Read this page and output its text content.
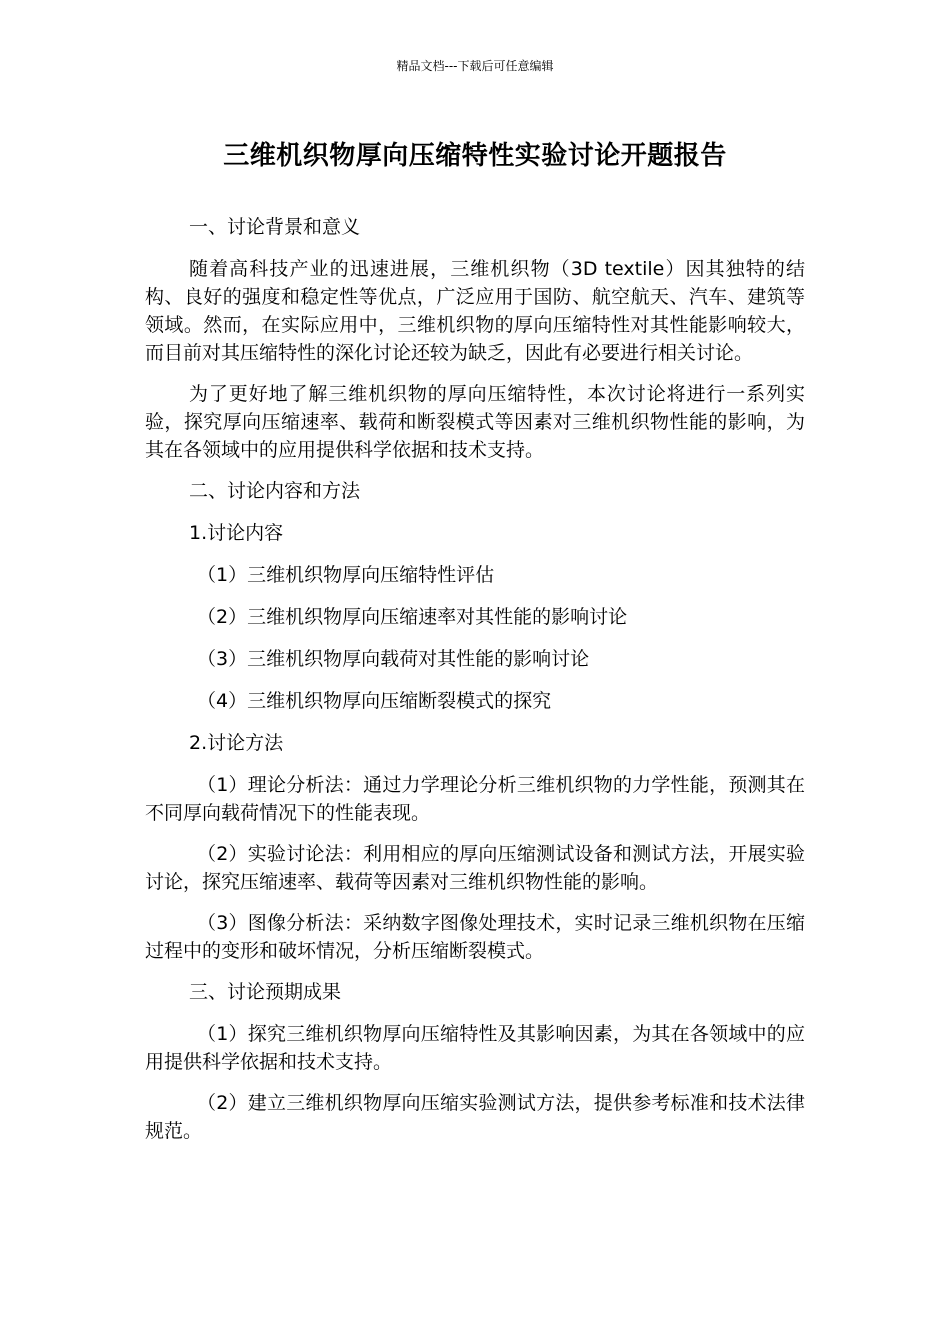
精品文档---下载后可任意编辑
三维机织物厚向压缩特性实验讨论开题报告

一、讨论背景和意义

随着高科技产业的迅速进展，三维机织物（3D textile）因其独特的结构、良好的强度和稳定性等优点，广泛应用于国防、航空航天、汽车、建筑等领域。然而，在实际应用中，三维机织物的厚向压缩特性对其性能影响较大，而目前对其压缩特性的深化讨论还较为缺乏，因此有必要进行相关讨论。

为了更好地了解三维机织物的厚向压缩特性，本次讨论将进行一系列实验，探究厚向压缩速率、载荷和断裂模式等因素对三维机织物性能的影响，为其在各领域中的应用提供科学依据和技术支持。

二、讨论内容和方法

1.讨论内容

（1）三维机织物厚向压缩特性评估

（2）三维机织物厚向压缩速率对其性能的影响讨论

（3）三维机织物厚向载荷对其性能的影响讨论

（4）三维机织物厚向压缩断裂模式的探究

2.讨论方法

（1）理论分析法：通过力学理论分析三维机织物的力学性能，预测其在不同厚向载荷情况下的性能表现。

（2）实验讨论法：利用相应的厚向压缩测试设备和测试方法，开展实验讨论，探究压缩速率、载荷等因素对三维机织物性能的影响。

（3）图像分析法：采纳数字图像处理技术，实时记录三维机织物在压缩过程中的变形和破坏情况，分析压缩断裂模式。

三、讨论预期成果

（1）探究三维机织物厚向压缩特性及其影响因素，为其在各领域中的应用提供科学依据和技术支持。

（2）建立三维机织物厚向压缩实验测试方法，提供参考标准和技术法律规范。
